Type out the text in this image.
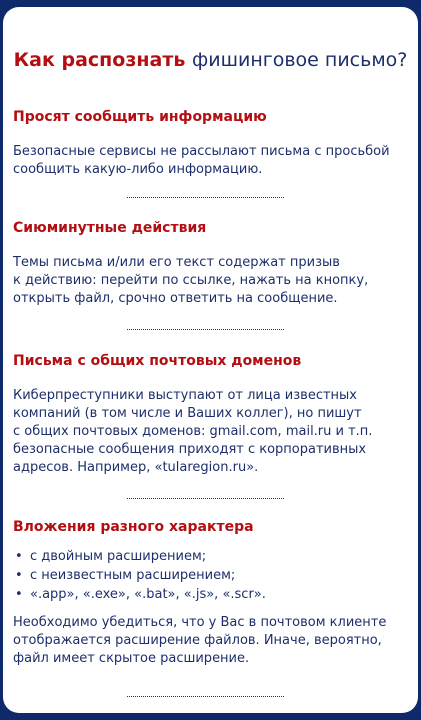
Как распознать фишинговое письмо?

Просят сообщить информацию

Безопасные сервисы не рассылают письма с просьбой
сообщить какую-либо информацию.

Сиюминутные действия

Темы письма и/или его текст содержат призыв
к действию: перейти по ссылке, нажать на кнопку,
открыть файл, срочно ответить на сообщение.

Письма с общих почтовых доменов

Киберпреступники выступают от лица известных
компаний (в том числе и Ваших коллег), но пишут
с общих почтовых доменов: gmail.com, mail.ru и т.п.
безопасные сообщения приходят с корпоративных
адресов. Например, «tularegion.ru».

Вложения разного характера

• с двойным расширением;
• с неизвестным расширением;
• «.app», «.exe», «.bat», «.js», «.scr».

Необходимо убедиться, что у Вас в почтовом клиенте
отображается расширение файлов. Иначе, вероятно,
файл имеет скрытое расширение.
